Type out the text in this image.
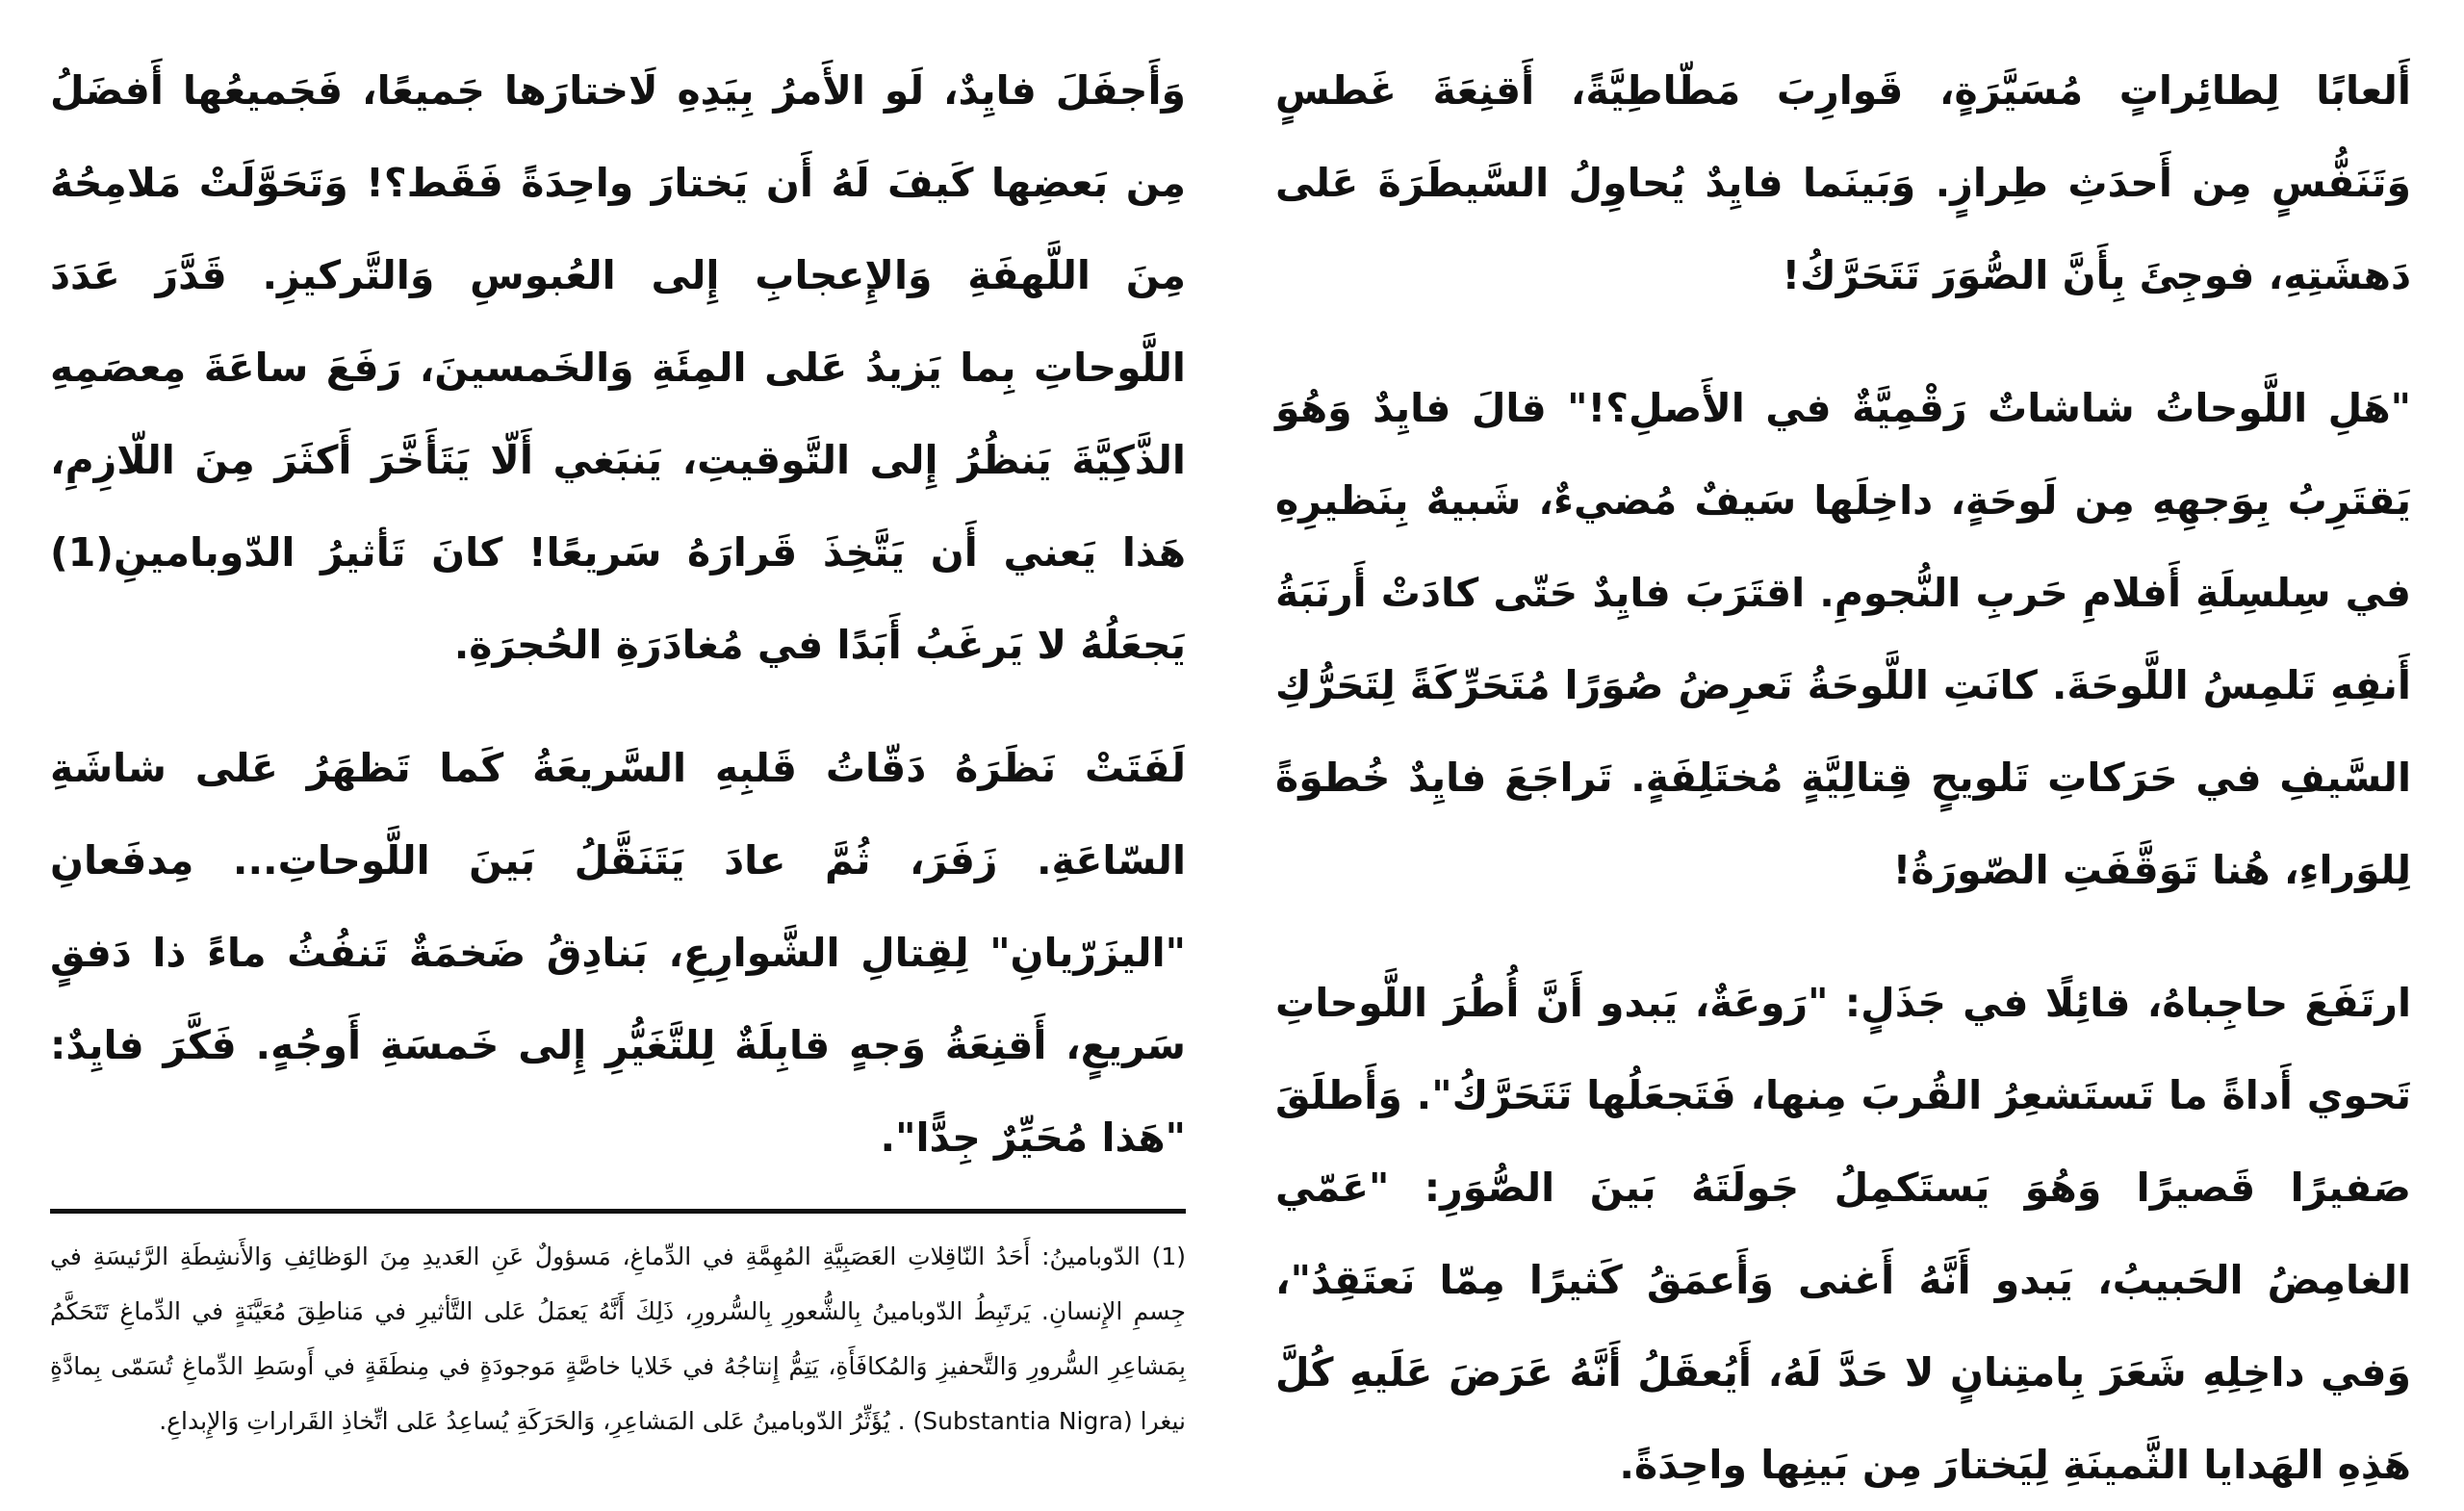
أَلعابًا لِطائِراتٍ مُسَيَّرَةٍ، قَوارِبَ مَطّاطِيَّةً، أَقنِعَةَ غَطسٍ وَتَنَفُّسٍ مِن أَحدَثِ طِرازٍ. وَبَينَما فايِدٌ يُحاوِلُ السَّيطَرَةَ عَلى دَهشَتِهِ، فوجِئَ بِأَنَّ الصُّوَرَ تَتَحَرَّكُ!

"هَلِ اللَّوحاتُ شاشاتٌ رَقْمِيَّةٌ في الأَصلِ؟!" قالَ فايِدٌ وَهُوَ يَقتَرِبُ بِوَجهِهِ مِن لَوحَةٍ، داخِلَها سَيفٌ مُضيءٌ، شَبيهٌ بِنَظيرِهِ في سِلسِلَةِ أَفلامِ حَربِ النُّجومِ. اقتَرَبَ فايِدٌ حَتّى كادَتْ أَرنَبَةُ أَنفِهِ تَلمِسُ اللَّوحَةَ. كانَتِ اللَّوحَةُ تَعرِضُ صُوَرًا مُتَحَرِّكَةً لِتَحَرُّكِ السَّيفِ في حَرَكاتِ تَلويحٍ قِتالِيَّةٍ مُختَلِفَةٍ. تَراجَعَ فايِدٌ خُطوَةً لِلوَراءِ، هُنا تَوَقَّفَتِ الصّورَةُ!

ارتَفَعَ حاجِباهُ، قائِلًا في جَذَلٍ: "رَوعَةٌ، يَبدو أَنَّ أُطُرَ اللَّوحاتِ تَحوي أَداةً ما تَستَشعِرُ القُربَ مِنها، فَتَجعَلُها تَتَحَرَّكُ". وَأَطلَقَ صَفيرًا قَصيرًا وَهُوَ يَستَكمِلُ جَولَتَهُ بَينَ الصُّوَرِ: "عَمّي الغامِضُ الحَبيبُ، يَبدو أَنَّهُ أَغنى وَأَعمَقُ كَثيرًا مِمّا نَعتَقِدُ"، وَفي داخِلِهِ شَعَرَ بِامتِنانٍ لا حَدَّ لَهُ، أَيُعقَلُ أَنَّهُ عَرَضَ عَلَيهِ كُلَّ هَذِهِ الهَدايا الثَّمينَةِ لِيَختارَ مِن بَينِها واحِدَةً.

وَأَجفَلَ فايِدٌ، لَو الأَمرُ بِيَدِهِ لَاختارَها جَميعًا، فَجَميعُها أَفضَلُ مِن بَعضِها كَيفَ لَهُ أَن يَختارَ واحِدَةً فَقَط؟! وَتَحَوَّلَتْ مَلامِحُهُ مِنَ اللَّهفَةِ وَالإِعجابِ إِلى العُبوسِ وَالتَّركيزِ. قَدَّرَ عَدَدَ اللَّوحاتِ بِما يَزيدُ عَلى المِئَةِ وَالخَمسينَ، رَفَعَ ساعَةَ مِعصَمِهِ الذَّكِيَّةَ يَنظُرُ إِلى التَّوقيتِ، يَنبَغي أَلّا يَتَأَخَّرَ أَكثَرَ مِنَ اللّازِمِ، هَذا يَعني أَن يَتَّخِذَ قَرارَهُ سَريعًا! كانَ تَأثيرُ الدّوبامينِ(1) يَجعَلُهُ لا يَرغَبُ أَبَدًا في مُغادَرَةِ الحُجرَةِ.

لَفَتَتْ نَظَرَهُ دَقّاتُ قَلبِهِ السَّريعَةُ كَما تَظهَرُ عَلى شاشَةِ السّاعَةِ. زَفَرَ، ثُمَّ عادَ يَتَنَقَّلُ بَينَ اللَّوحاتِ... مِدفَعانِ "اليزَرّيانِ" لِقِتالِ الشَّوارِعِ، بَنادِقُ ضَخمَةٌ تَنفُثُ ماءً ذا دَفقٍ سَريعٍ، أَقنِعَةُ وَجهٍ قابِلَةٌ لِلتَّغَيُّرِ إِلى خَمسَةِ أَوجُهٍ. فَكَّرَ فايِدٌ: "هَذا مُحَيِّرٌ جِدًّا".

(1) الدّوبامينُ: أَحَدُ النّاقِلاتِ العَصَبِيَّةِ المُهِمَّةِ في الدِّماغِ، مَسؤولٌ عَنِ العَديدِ مِنَ الوَظائِفِ وَالأَنشِطَةِ الرَّئيسَةِ في جِسمِ الإِنسانِ. يَرتَبِطُ الدّوبامينُ بِالشُّعورِ بِالسُّرورِ، ذَلِكَ أَنَّهُ يَعمَلُ عَلى التَّأثيرِ في مَناطِقَ مُعَيَّنَةٍ في الدِّماغِ تَتَحَكَّمُ بِمَشاعِرِ السُّرورِ وَالتَّحفيزِ وَالمُكافَأَةِ، يَتِمُّ إِنتاجُهُ في خَلايا خاصَّةٍ مَوجودَةٍ في مِنطَقَةٍ في أَوسَطِ الدِّماغِ تُسَمّى بِمادَّةٍ نيغرا (Substantia Nigra) . يُؤَثِّرُ الدّوبامينُ عَلى المَشاعِرِ، وَالحَرَكَةِ يُساعِدُ عَلى اتِّخاذِ القَراراتِ وَالإِبداعِ.
